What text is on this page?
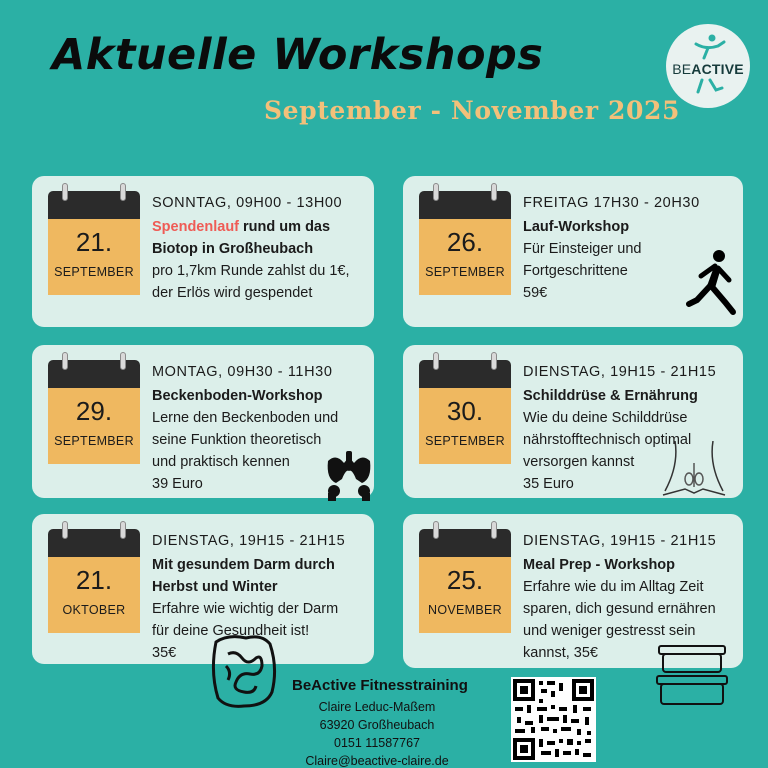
Aktuelle Workshops
September - November 2025
BEACTIVE
21.
SEPTEMBER
SONNTAG, 09H00 - 13H00
Spendenlauf rund um das
Biotop in Großheubach
pro 1,7km Runde zahlst du 1€,
der Erlös wird gespendet
26.
SEPTEMBER
FREITAG 17H30 - 20H30
Lauf-Workshop
Für Einsteiger und
Fortgeschrittene
59€
29.
SEPTEMBER
MONTAG, 09H30 - 11H30
Beckenboden-Workshop
Lerne den Beckenboden und
seine Funktion theoretisch
und praktisch kennen
39 Euro
30.
SEPTEMBER
DIENSTAG, 19H15 - 21H15
Schilddrüse & Ernährung
Wie du deine Schilddrüse
nährstofftechnisch optimal
versorgen kannst
35 Euro
21.
OKTOBER
DIENSTAG, 19H15 - 21H15
Mit gesundem Darm durch
Herbst und Winter
Erfahre wie wichtig der Darm
für deine Gesundheit ist!
35€
25.
NOVEMBER
DIENSTAG, 19H15 - 21H15
Meal Prep - Workshop
Erfahre wie du im Alltag Zeit
sparen, dich gesund ernähren
und weniger gestresst sein
kannst, 35€
BeActive Fitnesstraining
Claire Leduc-Maßem
63920 Großheubach
0151 11587767
Claire@beactive-claire.de
